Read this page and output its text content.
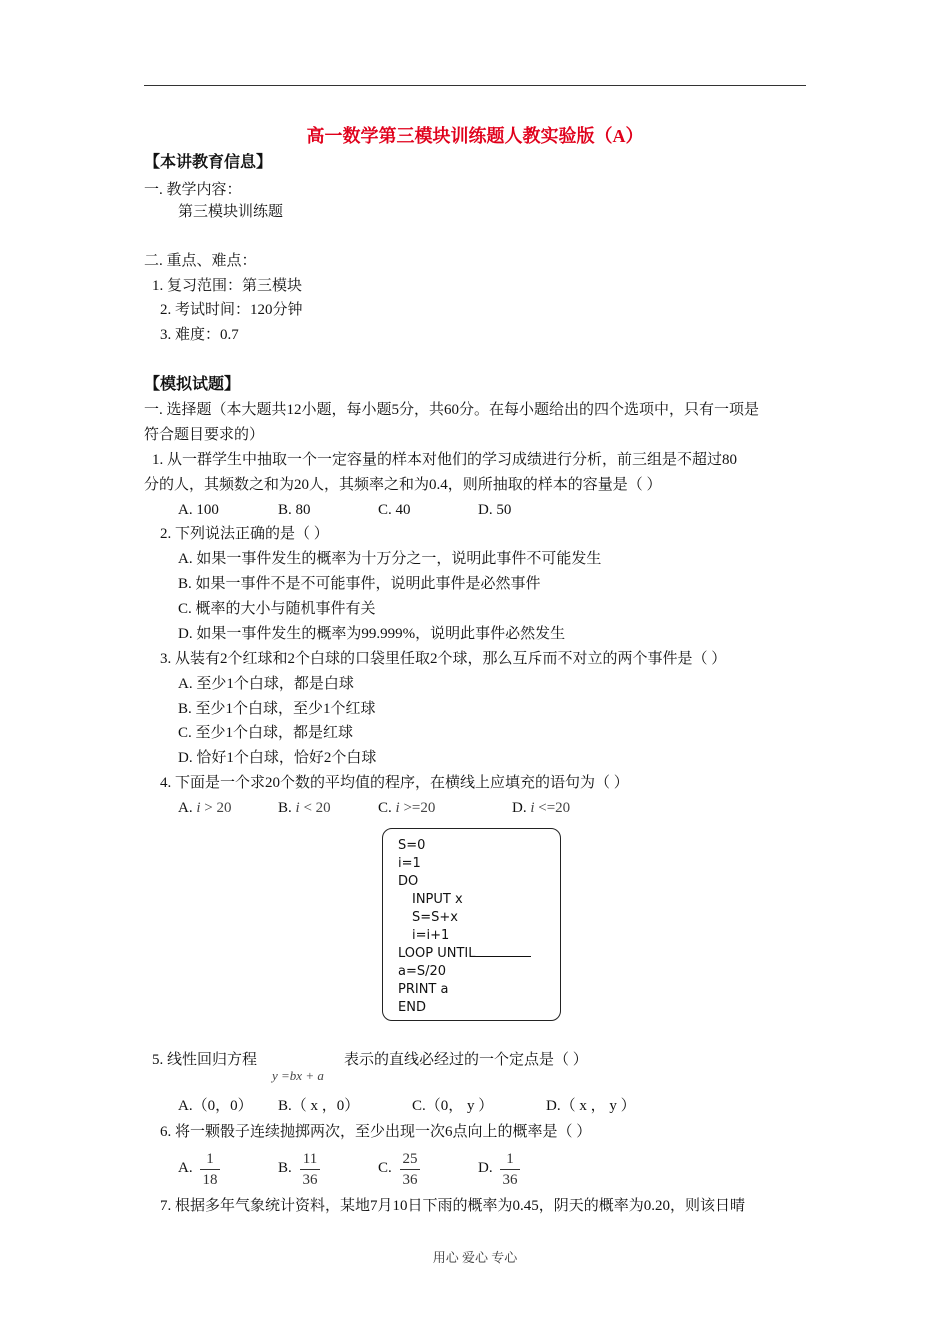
高一数学第三模块训练题人教实验版（A）
【本讲教育信息】
一. 教学内容：
第三模块训练题
二. 重点、难点：
1. 复习范围：第三模块
2. 考试时间：120分钟
3. 难度：0.7
【模拟试题】
一. 选择题（本大题共12小题，每小题5分，共60分。在每小题给出的四个选项中，只有一项是
符合题目要求的）
1. 从一群学生中抽取一个一定容量的样本对他们的学习成绩进行分析，前三组是不超过80
分的人，其频数之和为20人，其频率之和为0.4，则所抽取的样本的容量是（ ）
A. 100	B. 80	C. 40	D. 50
2. 下列说法正确的是（ ）
A. 如果一事件发生的概率为十万分之一，说明此事件不可能发生
B. 如果一事件不是不可能事件，说明此事件是必然事件
C. 概率的大小与随机事件有关
D. 如果一事件发生的概率为99.999%，说明此事件必然发生
3. 从装有2个红球和2个白球的口袋里任取2个球，那么互斥而不对立的两个事件是（ ）
A. 至少1个白球，都是白球
B. 至少1个白球，至少1个红球
C. 至少1个白球，都是红球
D. 恰好1个白球，恰好2个白球
4. 下面是一个求20个数的平均值的程序，在横线上应填充的语句为（ ）
A. i > 20	B. i < 20	C. i >=20	D. i <=20
S=0
i=1
DO
INPUT x
S=S+x
i=i+1
LOOP UNTIL
a=S/20
PRINT a
END
5. 线性回归方程
y =bx + a
表示的直线必经过的一个定点是（ ）
A.（0，0） B.（ x ，0）	C.（0， y ）	D.（ x ， y ）
6. 将一颗骰子连续抛掷两次，至少出现一次6点向上的概率是（ ）
A.
1
18
B.
11
36
C.
25
36
D.
1
36
7. 根据多年气象统计资料，某地7月10日下雨的概率为0.45，阴天的概率为0.20，则该日晴
用心 爱心 专心
